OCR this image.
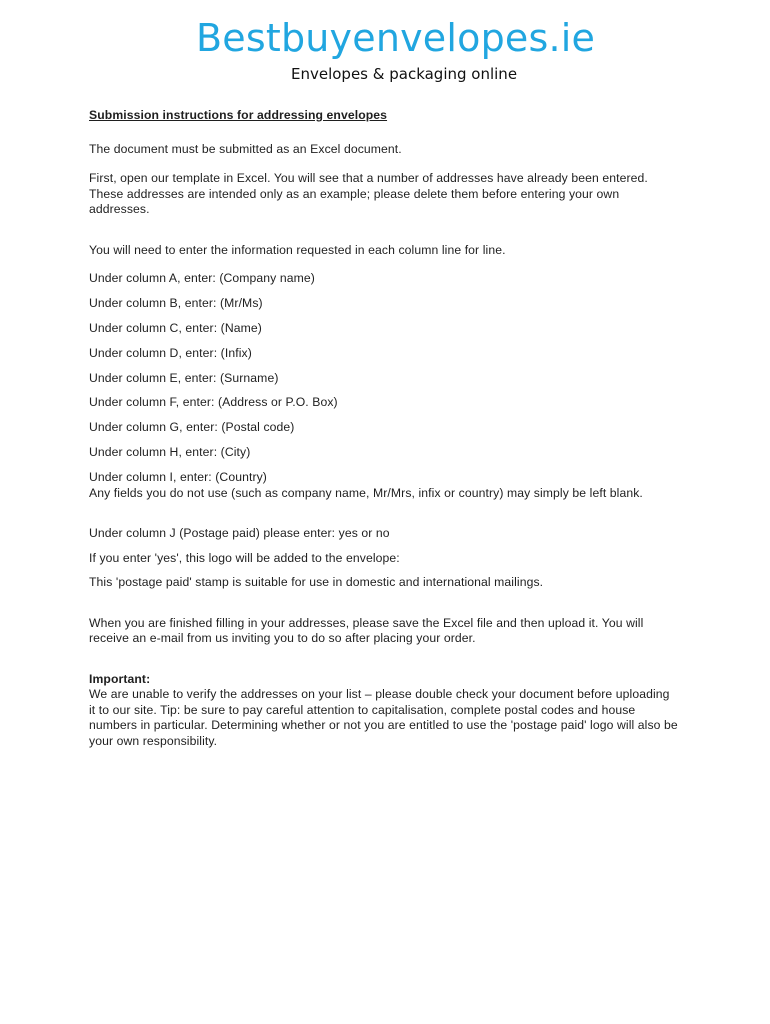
Bestbuyenvelopes.ie
Envelopes & packaging online

Submission instructions for addressing envelopes

The document must be submitted as an Excel document.

First, open our template in Excel. You will see that a number of addresses have already been entered. These addresses are intended only as an example; please delete them before entering your own addresses.

You will need to enter the information requested in each column line for line.

Under column A, enter: (Company name)

Under column B, enter: (Mr/Ms)

Under column C, enter: (Name)

Under column D, enter: (Infix)

Under column E, enter: (Surname)

Under column F, enter: (Address or P.O. Box)

Under column G, enter: (Postal code)

Under column H, enter: (City)

Under column I, enter: (Country)

Any fields you do not use (such as company name, Mr/Mrs, infix or country) may simply be left blank.

Under column J (Postage paid) please enter: yes or no

If you enter 'yes', this logo will be added to the envelope:

This 'postage paid' stamp is suitable for use in domestic and international mailings.

When you are finished filling in your addresses, please save the Excel file and then upload it. You will receive an e-mail from us inviting you to do so after placing your order.

Important:

We are unable to verify the addresses on your list – please double check your document before uploading it to our site. Tip: be sure to pay careful attention to capitalisation, complete postal codes and house numbers in particular. Determining whether or not you are entitled to use the 'postage paid' logo will also be your own responsibility.
